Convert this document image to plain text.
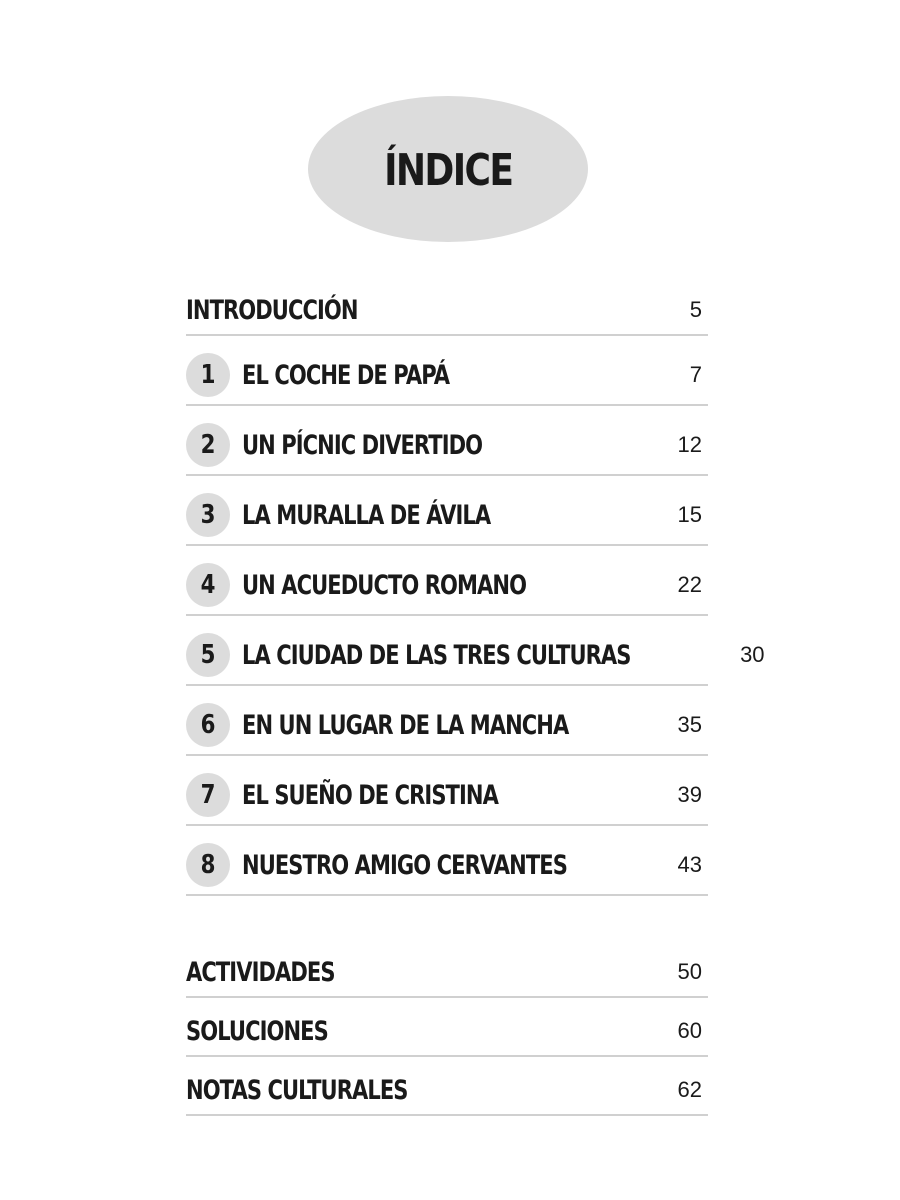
ÍNDICE
INTRODUCCIÓN	5
1 EL COCHE DE PAPÁ	7
2 UN PÍCNIC DIVERTIDO	12
3 LA MURALLA DE ÁVILA	15
4 UN ACUEDUCTO ROMANO	22
5 LA CIUDAD DE LAS TRES CULTURAS	30
6 EN UN LUGAR DE LA MANCHA	35
7 EL SUEÑO DE CRISTINA	39
8 NUESTRO AMIGO CERVANTES	43
ACTIVIDADES	50
SOLUCIONES	60
NOTAS CULTURALES	62
